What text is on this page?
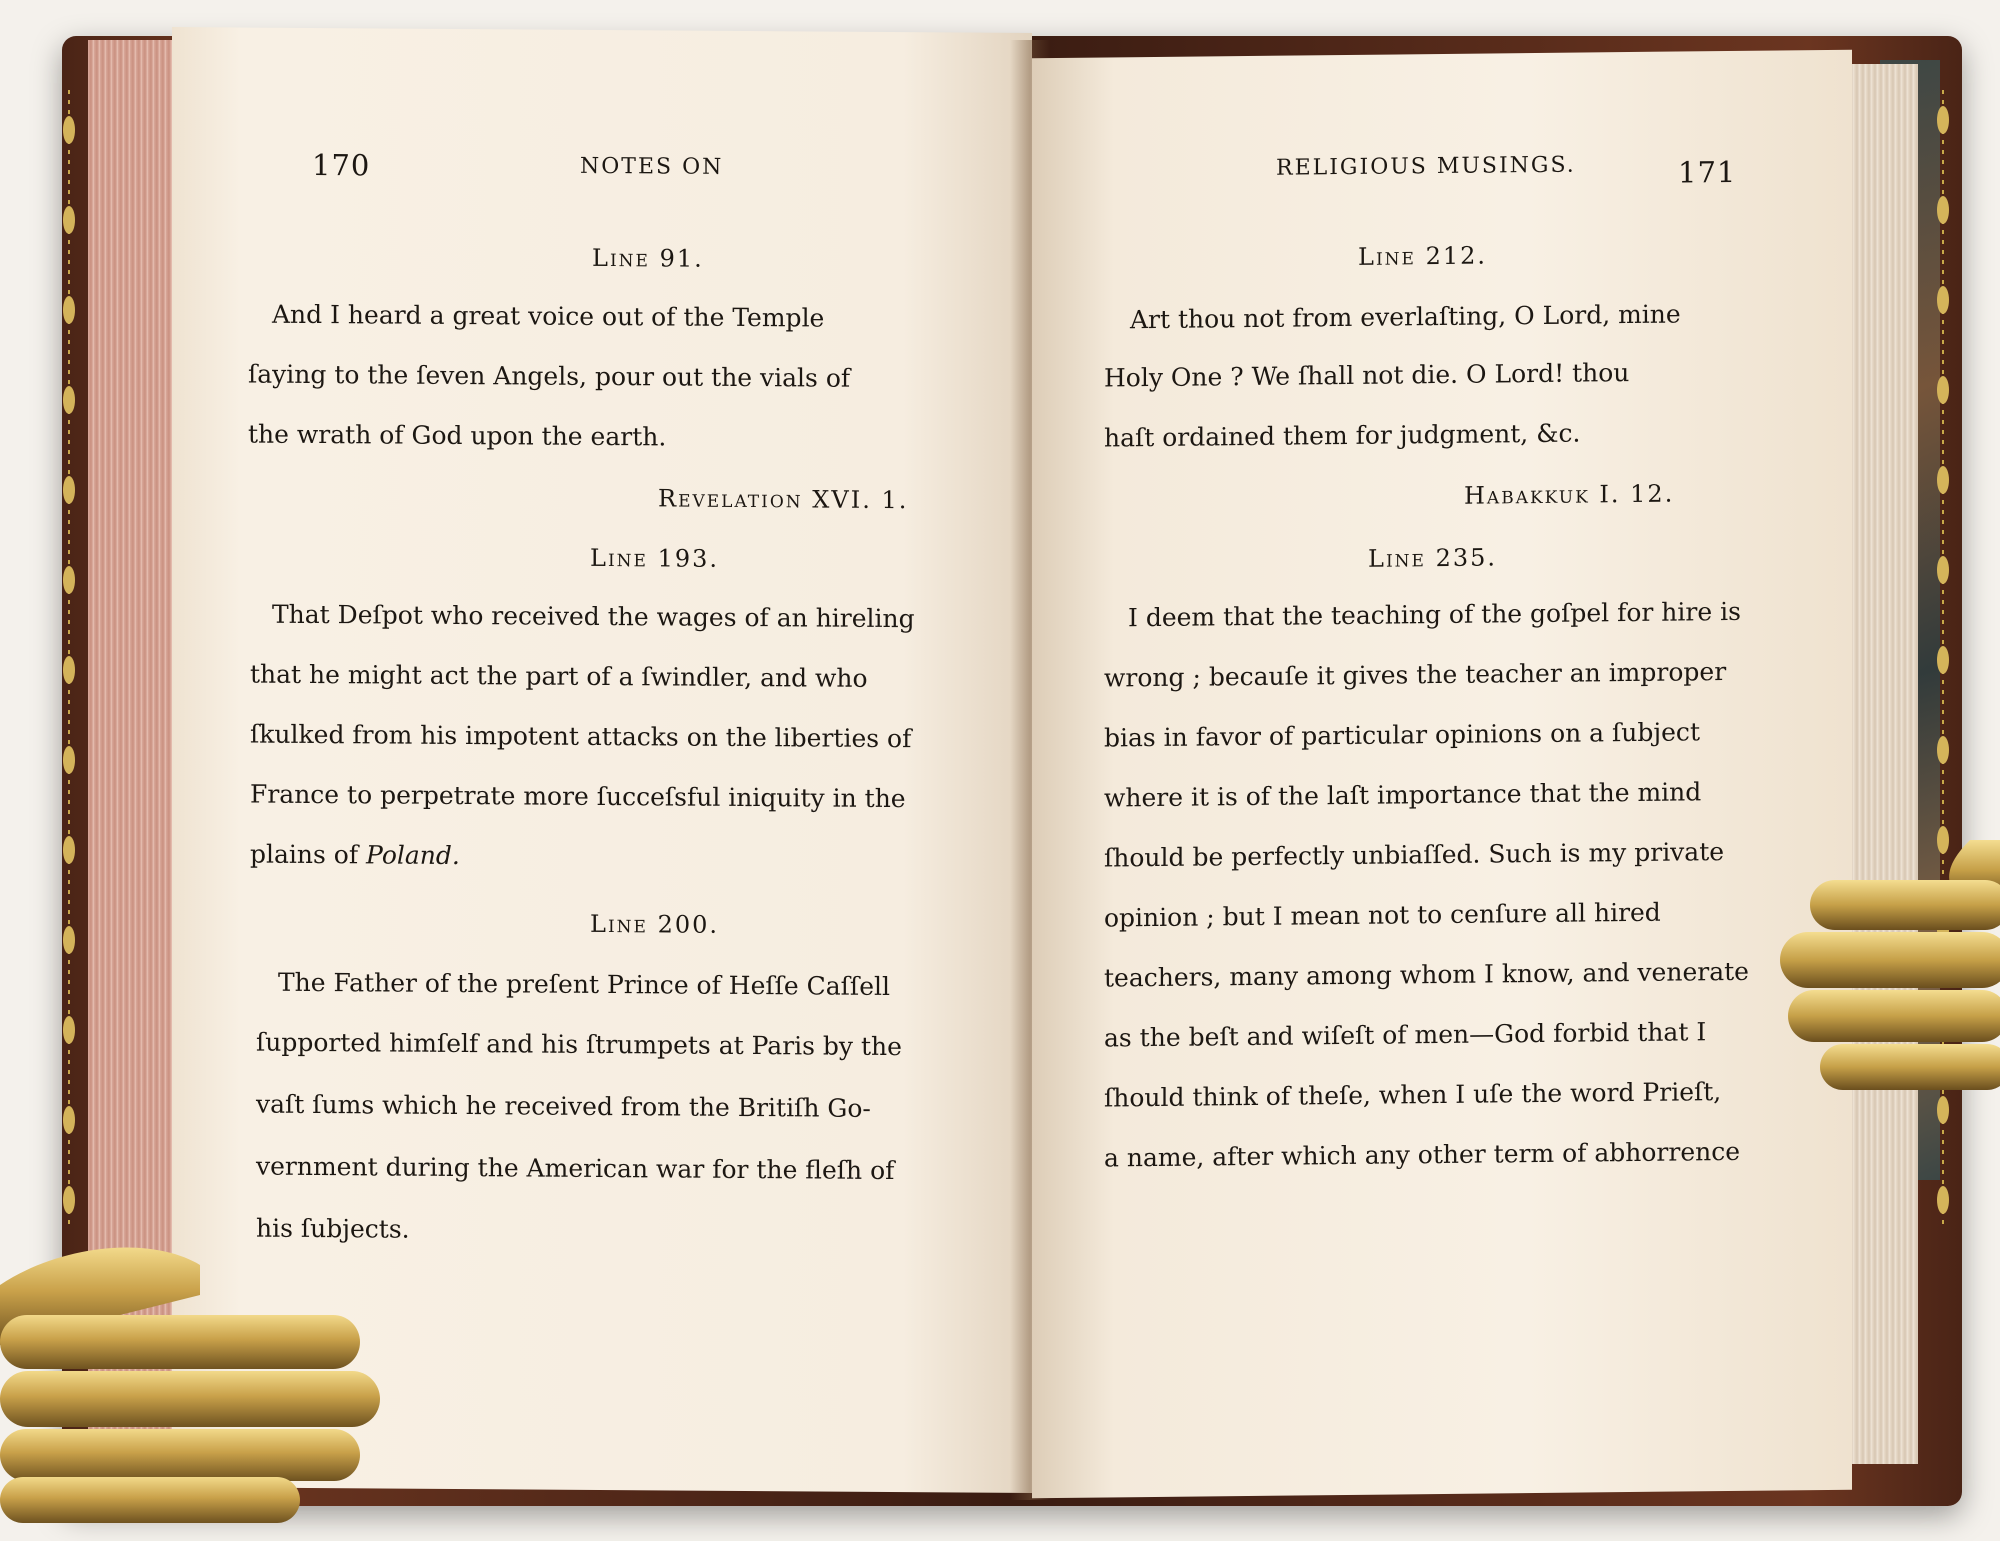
170	NOTES ON
Line 91.
And I heard a great voice out of the Temple
ſaying to the ſeven Angels, pour out the vials of
the wrath of God upon the earth.
Revelation XVI. 1.
Line 193.
That Deſpot who received the wages of an hireling
that he might act the part of a ſwindler, and who
ſkulked from his impotent attacks on the liberties of
France to perpetrate more ſucceſsful iniquity in the
plains of Poland.
Line 200.
The Father of the preſent Prince of Heſſe Caſſell
ſupported himſelf and his ſtrumpets at Paris by the
vaſt ſums which he received from the Britiſh Go-
vernment during the American war for the fleſh of
his ſubjects.
RELIGIOUS MUSINGS.	171
Line 212.
Art thou not from everlaſting, O Lord, mine
Holy One ? We ſhall not die. O Lord! thou
haſt ordained them for judgment, &c.
Habakkuk I. 12.
Line 235.
I deem that the teaching of the goſpel for hire is
wrong ; becauſe it gives the teacher an improper
bias in favor of particular opinions on a ſubject
where it is of the laſt importance that the mind
ſhould be perfectly unbiaſſed. Such is my private
opinion ; but I mean not to cenſure all hired
teachers, many among whom I know, and venerate
as the beſt and wiſeſt of men—God forbid that I
ſhould think of theſe, when I uſe the word Prieſt,
a name, after which any other term of abhorrence
